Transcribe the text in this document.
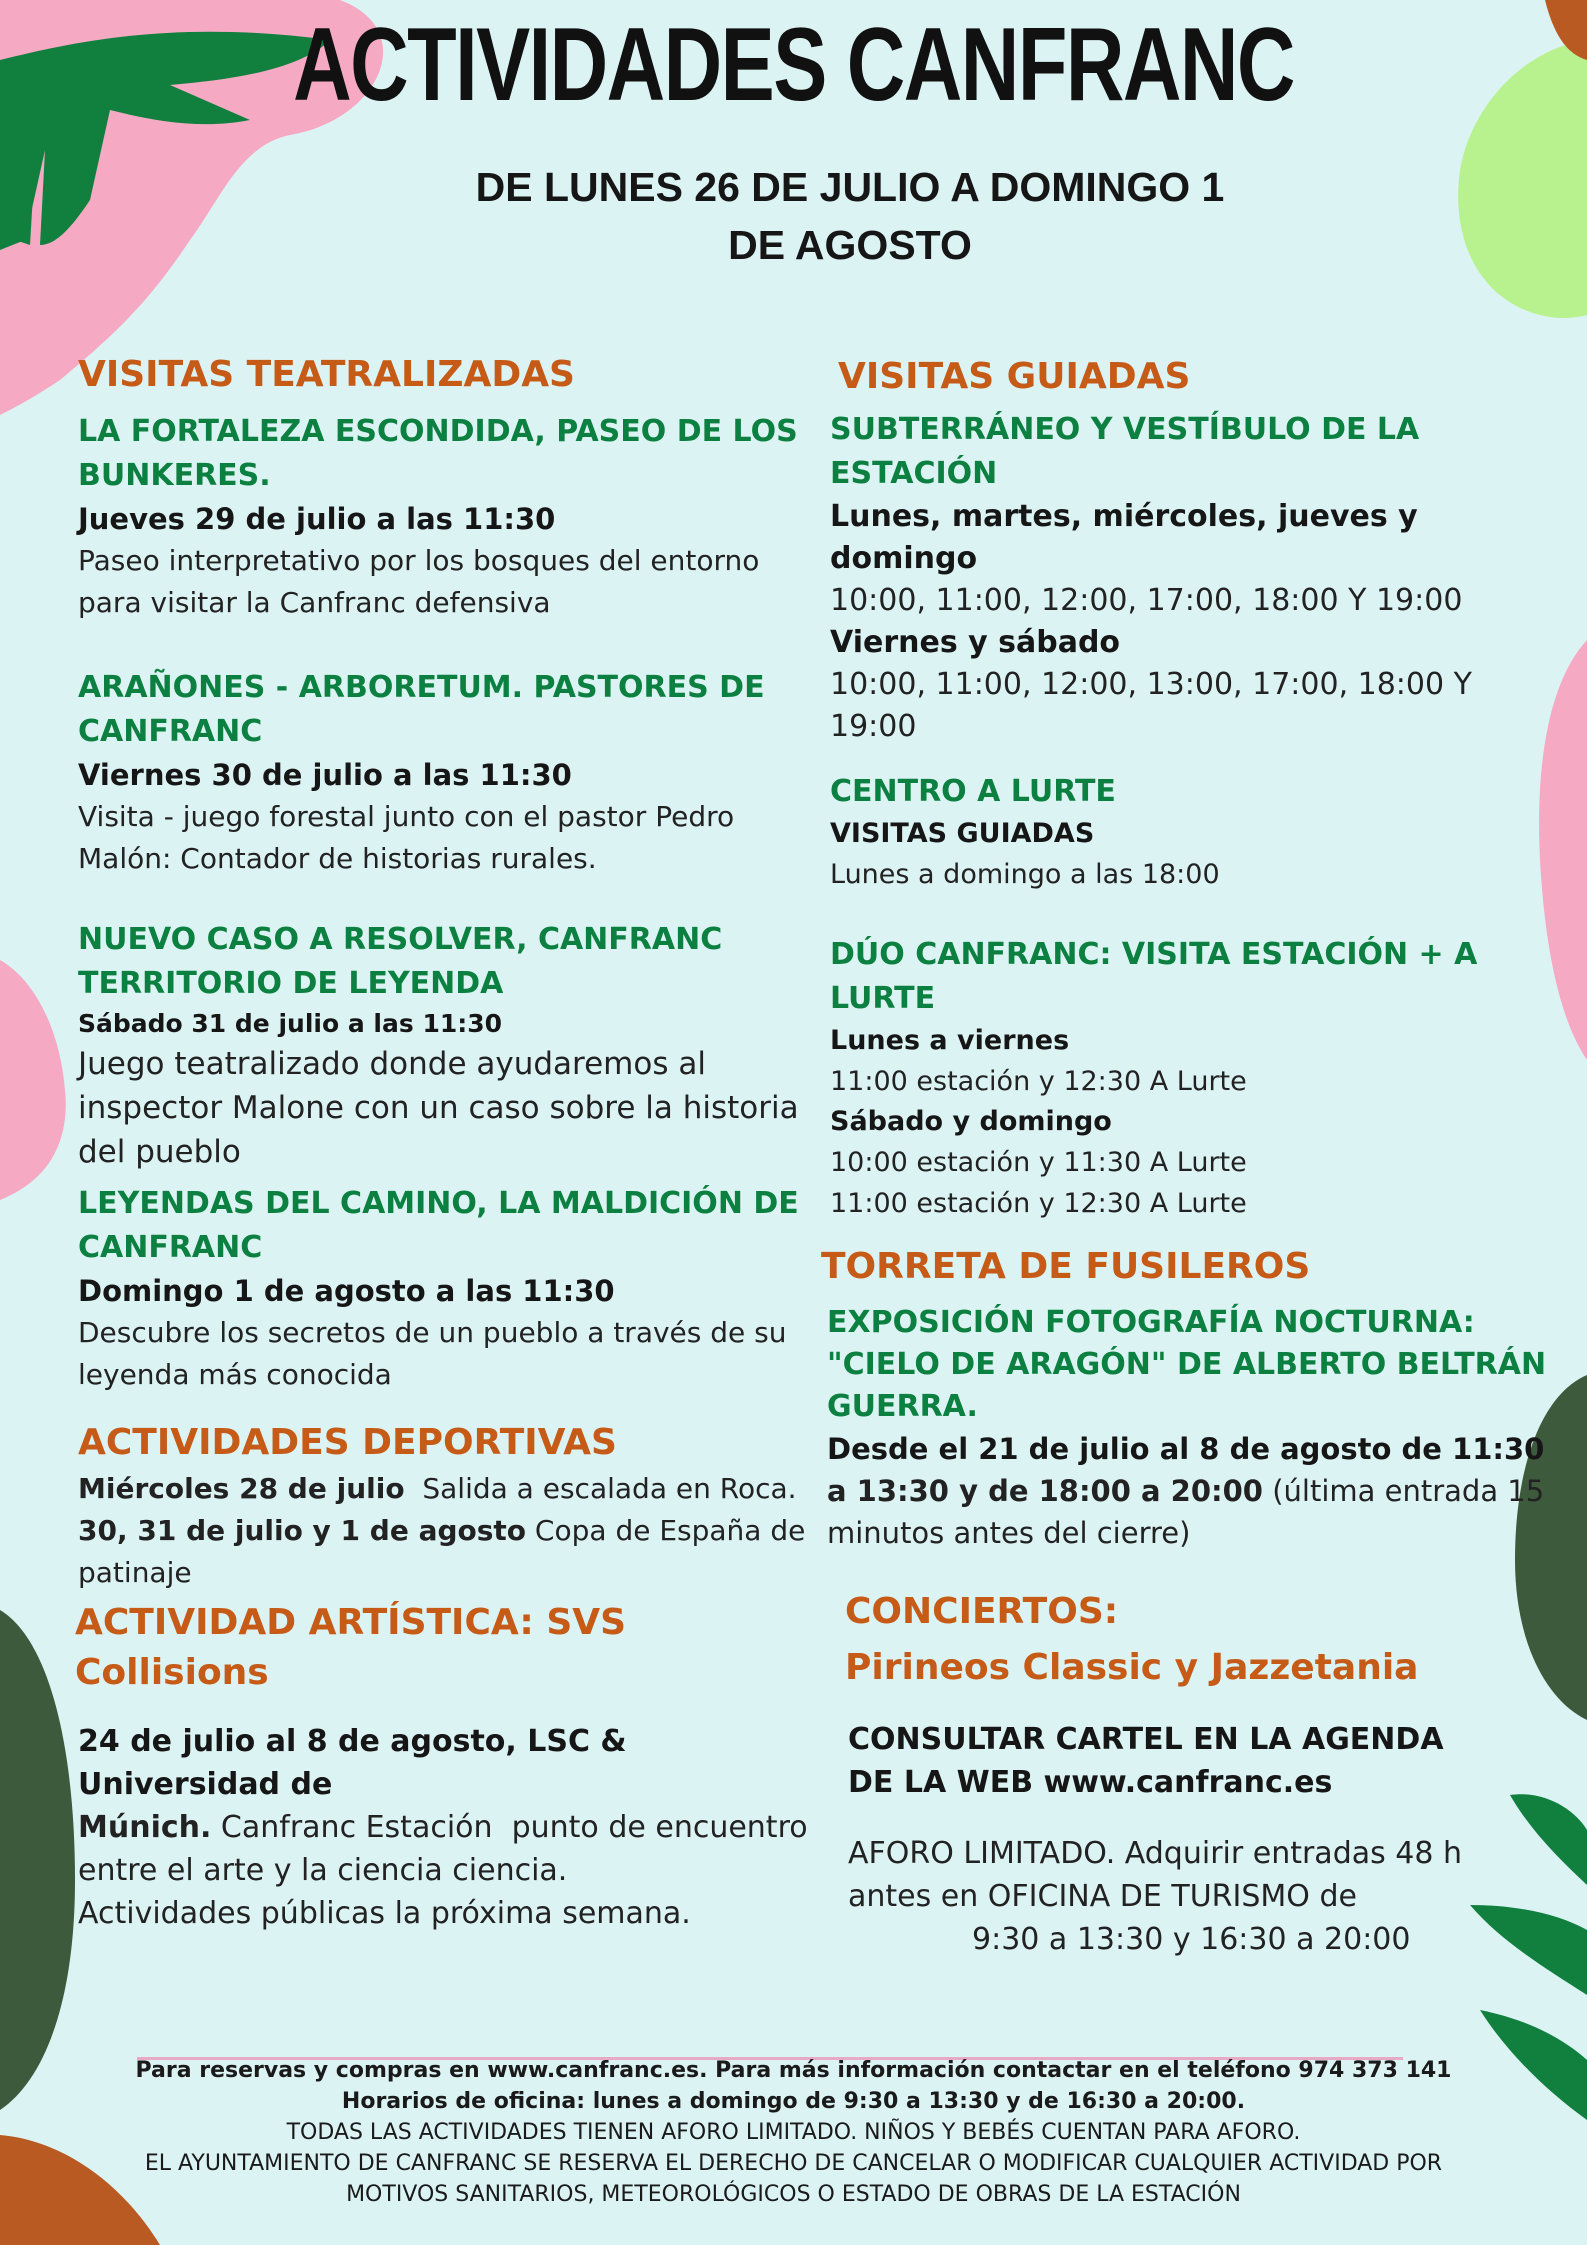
ACTIVIDADES CANFRANC
DE LUNES 26 DE JULIO A DOMINGO 1
DE AGOSTO

VISITAS TEATRALIZADAS

LA FORTALEZA ESCONDIDA, PASEO DE LOS

BUNKERES.

Jueves 29 de julio a las 11:30

Paseo interpretativo por los bosques del entorno

para visitar la Canfranc defensiva

ARAÑONES - ARBORETUM. PASTORES DE

CANFRANC

Viernes 30 de julio a las 11:30

Visita - juego forestal junto con el pastor Pedro

Malón: Contador de historias rurales.

NUEVO CASO A RESOLVER, CANFRANC

TERRITORIO DE LEYENDA

Sábado 31 de julio a las 11:30

Juego teatralizado donde ayudaremos al

inspector Malone con un caso sobre la historia

del pueblo

LEYENDAS DEL CAMINO, LA MALDICIÓN DE

CANFRANC

Domingo 1 de agosto a las 11:30

Descubre los secretos de un pueblo a través de su

leyenda más conocida

ACTIVIDADES DEPORTIVAS

Miércoles 28 de julio  Salida a escalada en Roca.

30, 31 de julio y 1 de agosto Copa de España de

patinaje

ACTIVIDAD ARTÍSTICA: SVS Collisions

24 de julio al 8 de agosto, LSC & Universidad de

Múnich. Canfranc Estación  punto de encuentro

entre el arte y la ciencia ciencia.

Actividades públicas la próxima semana.

VISITAS GUIADAS

SUBTERRÁNEO Y VESTÍBULO DE LA ESTACIÓN

Lunes, martes, miércoles, jueves y domingo

10:00, 11:00, 12:00, 17:00, 18:00 Y 19:00

Viernes y sábado

10:00, 11:00, 12:00, 13:00, 17:00, 18:00 Y 19:00

CENTRO A LURTE

VISITAS GUIADAS

Lunes a domingo a las 18:00

DÚO CANFRANC: VISITA ESTACIÓN + A LURTE

Lunes a viernes

11:00 estación y 12:30 A Lurte

Sábado y domingo

10:00 estación y 11:30 A Lurte

11:00 estación y 12:30 A Lurte

TORRETA DE FUSILEROS

EXPOSICIÓN FOTOGRAFÍA NOCTURNA:

"CIELO DE ARAGÓN" DE ALBERTO BELTRÁN

GUERRA.

Desde el 21 de julio al 8 de agosto de 11:30

a 13:30 y de 18:00 a 20:00 (última entrada 15

minutos antes del cierre)

CONCIERTOS:

Pirineos Classic y Jazzetania

CONSULTAR CARTEL EN LA AGENDA

DE LA WEB www.canfranc.es

AFORO LIMITADO. Adquirir entradas 48 h

antes en OFICINA DE TURISMO de

9:30 a 13:30 y 16:30 a 20:00

Para reservas y compras en www.canfranc.es. Para más información contactar en el teléfono 974 373 141
Horarios de oficina: lunes a domingo de 9:30 a 13:30 y de 16:30 a 20:00.
TODAS LAS ACTIVIDADES TIENEN AFORO LIMITADO. NIÑOS Y BEBÉS CUENTAN PARA AFORO.
EL AYUNTAMIENTO DE CANFRANC SE RESERVA EL DERECHO DE CANCELAR O MODIFICAR CUALQUIER ACTIVIDAD POR
MOTIVOS SANITARIOS, METEOROLÓGICOS O ESTADO DE OBRAS DE LA ESTACIÓN
